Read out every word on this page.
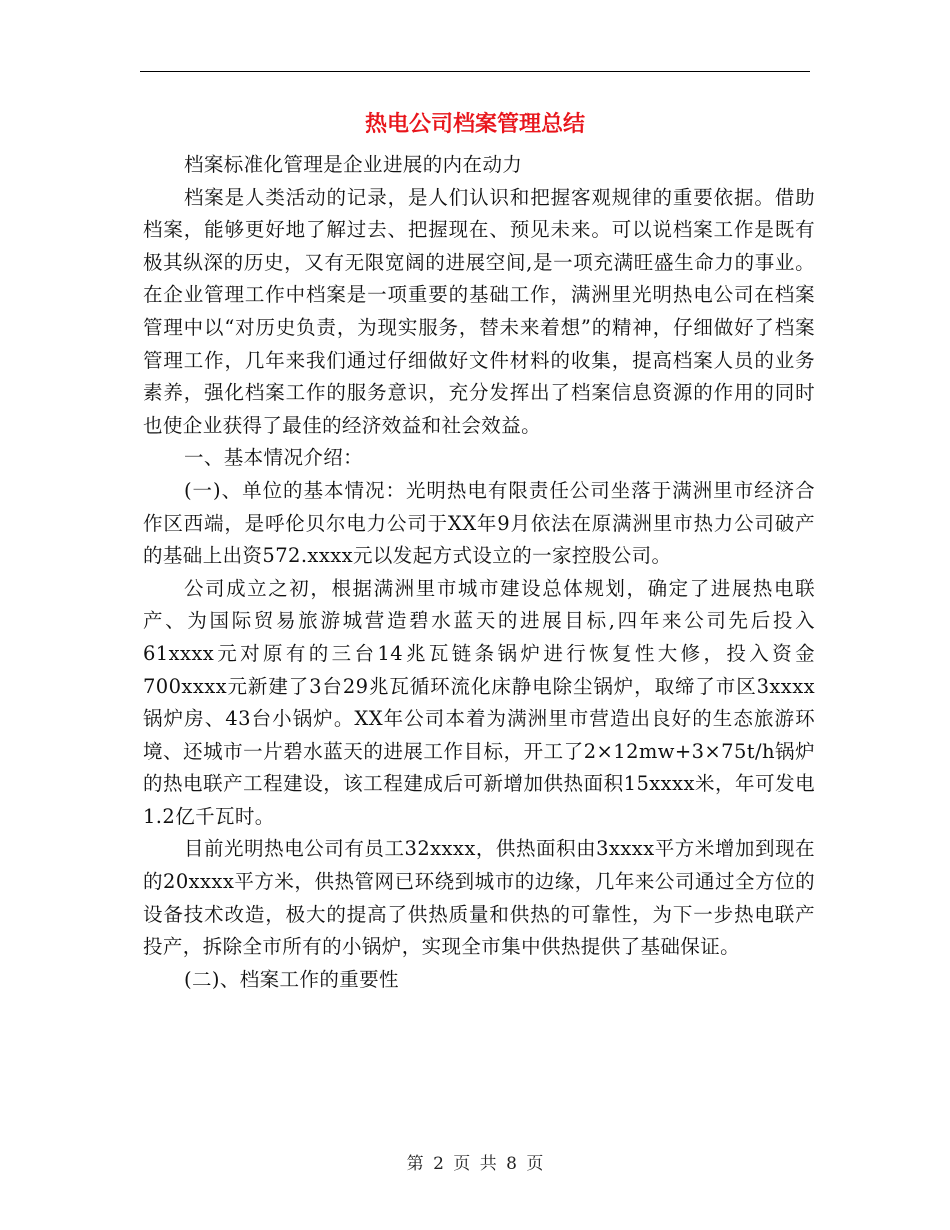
热电公司档案管理总结

档案标准化管理是企业进展的内在动力

档案是人类活动的记录，是人们认识和把握客观规律的重要依据。借助档案，能够更好地了解过去、把握现在、预见未来。可以说档案工作是既有极其纵深的历史，又有无限宽阔的进展空间,是一项充满旺盛生命力的事业。在企业管理工作中档案是一项重要的基础工作，满洲里光明热电公司在档案管理中以“对历史负责，为现实服务，替未来着想”的精神，仔细做好了档案管理工作，几年来我们通过仔细做好文件材料的收集，提高档案人员的业务素养，强化档案工作的服务意识，充分发挥出了档案信息资源的作用的同时也使企业获得了最佳的经济效益和社会效益。

一、基本情况介绍：

(一)、单位的基本情况：光明热电有限责任公司坐落于满洲里市经济合作区西端，是呼伦贝尔电力公司于XX年9月依法在原满洲里市热力公司破产的基础上出资572.xxxx元以发起方式设立的一家控股公司。

公司成立之初，根据满洲里市城市建设总体规划，确定了进展热电联产、为国际贸易旅游城营造碧水蓝天的进展目标,四年来公司先后投入61xxxx元对原有的三台14兆瓦链条锅炉进行恢复性大修，投入资金700xxxx元新建了3台29兆瓦循环流化床静电除尘锅炉，取缔了市区3xxxx锅炉房、43台小锅炉。XX年公司本着为满洲里市营造出良好的生态旅游环境、还城市一片碧水蓝天的进展工作目标，开工了2×12mw+3×75t/h锅炉的热电联产工程建设，该工程建成后可新增加供热面积15xxxx米，年可发电1.2亿千瓦时。

目前光明热电公司有员工32xxxx，供热面积由3xxxx平方米增加到现在的20xxxx平方米，供热管网已环绕到城市的边缘，几年来公司通过全方位的设备技术改造，极大的提高了供热质量和供热的可靠性，为下一步热电联产投产，拆除全市所有的小锅炉，实现全市集中供热提供了基础保证。

(二)、档案工作的重要性

第 2 页 共 8 页
